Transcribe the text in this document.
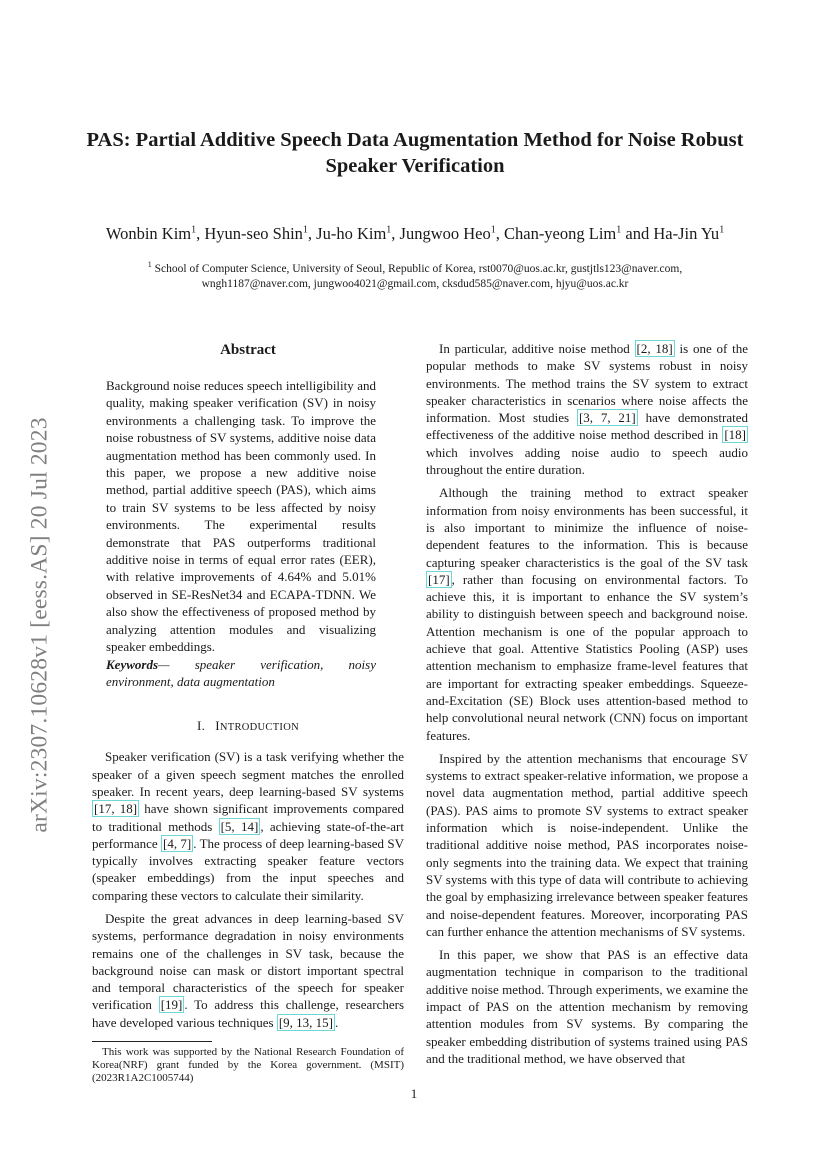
arXiv:2307.10628v1 [eess.AS] 20 Jul 2023
PAS: Partial Additive Speech Data Augmentation Method for Noise Robust
Speaker Verification
Wonbin Kim$^1$, Hyun-seo Shin$^1$, Ju-ho Kim$^1$, Jungwoo Heo$^1$, Chan-yeong Lim$^1$ and Ha-Jin Yu$^1$
$^1$ School of Computer Science, University of Seoul, Republic of Korea, rst0070@uos.ac.kr, gustjtls123@naver.com,
wngh1187@naver.com, jungwoo4021@gmail.com, cksdud585@naver.com, hjyu@uos.ac.kr
Abstract

Background noise reduces speech intelligibility and quality, making speaker verification (SV) in noisy environments a challenging task. To improve the noise robustness of SV systems, additive noise data augmentation method has been commonly used. In this paper, we propose a new additive noise method, partial additive speech (PAS), which aims to train SV systems to be less affected by noisy environments. The experimental results demonstrate that PAS outperforms traditional additive noise in terms of equal error rates (EER), with relative improvements of 4.64% and 5.01% observed in SE-ResNet34 and ECAPA-TDNN. We also show the effectiveness of proposed method by analyzing attention modules and visualizing speaker embeddings.

Keywords— speaker verification, noisy environment, data augmentation

I. INTRODUCTION

Speaker verification (SV) is a task verifying whether the speaker of a given speech segment matches the enrolled speaker. In recent years, deep learning-based SV systems [17, 18] have shown significant improvements compared to traditional methods [5, 14] , achieving state-of-the-art performance [4, 7] . The process of deep learning-based SV typically involves extracting speaker feature vectors (speaker embeddings) from the input speeches and comparing these vectors to calculate their similarity.

Despite the great advances in deep learning-based SV systems, performance degradation in noisy environments remains one of the challenges in SV task, because the background noise can mask or distort important spectral and temporal characteristics of the speech for speaker verification [19] . To address this challenge, researchers have developed various techniques [9, 13, 15] .

This work was supported by the National Research Foundation of Korea(NRF) grant funded by the Korea government. (MSIT) (2023R1A2C1005744)

In particular, additive noise method [2, 18] is one of the popular methods to make SV systems robust in noisy environments. The method trains the SV system to extract speaker characteristics in scenarios where noise affects the information. Most studies [3, 7, 21] have demonstrated effectiveness of the additive noise method described in [18] which involves adding noise audio to speech audio throughout the entire duration.

Although the training method to extract speaker information from noisy environments has been successful, it is also important to minimize the influence of noise-dependent features to the information. This is because capturing speaker characteristics is the goal of the SV task [17] , rather than focusing on environmental factors. To achieve this, it is important to enhance the SV system’s ability to distinguish between speech and background noise. Attention mechanism is one of the popular approach to achieve that goal. Attentive Statistics Pooling (ASP) uses attention mechanism to emphasize frame-level features that are important for extracting speaker embeddings. Squeeze-and-Excitation (SE) Block uses attention-based method to help convolutional neural network (CNN) focus on important features.

Inspired by the attention mechanisms that encourage SV systems to extract speaker-relative information, we propose a novel data augmentation method, partial additive speech (PAS). PAS aims to promote SV systems to extract speaker information which is noise-independent. Unlike the traditional additive noise method, PAS incorporates noise-only segments into the training data. We expect that training SV systems with this type of data will contribute to achieving the goal by emphasizing irrelevance between speaker features and noise-dependent features. Moreover, incorporating PAS can further enhance the attention mechanisms of SV systems.

In this paper, we show that PAS is an effective data augmentation technique in comparison to the traditional additive noise method. Through experiments, we examine the impact of PAS on the attention mechanism by removing attention modules from SV systems. By comparing the speaker embedding distribution of systems trained using PAS and the traditional method, we have observed that

1
